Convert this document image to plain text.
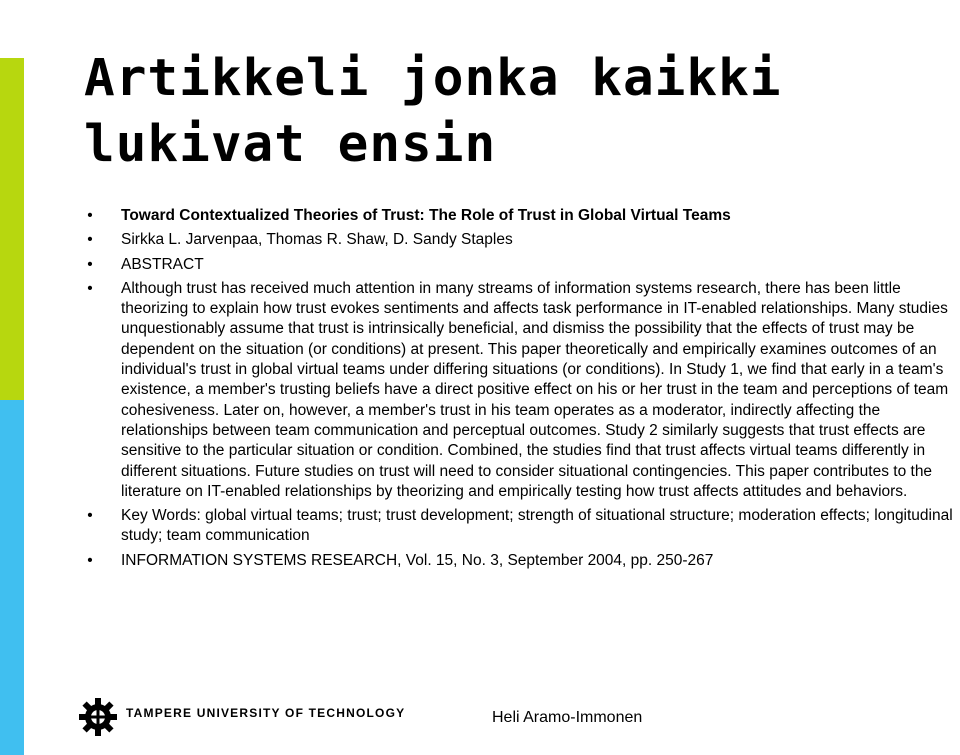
Artikkeli jonka kaikki lukivat ensin
• Toward Contextualized Theories of Trust: The Role of Trust in Global Virtual Teams
• Sirkka L. Jarvenpaa, Thomas R. Shaw, D. Sandy Staples
• ABSTRACT
• Although trust has received much attention in many streams of information systems research, there has been little theorizing to explain how trust evokes sentiments and affects task performance in IT-enabled relationships. Many studies unquestionably assume that trust is intrinsically beneficial, and dismiss the possibility that the effects of trust may be dependent on the situation (or conditions) at present. This paper theoretically and empirically examines outcomes of an individual's trust in global virtual teams under differing situations (or conditions). In Study 1, we find that early in a team's existence, a member's trusting beliefs have a direct positive effect on his or her trust in the team and perceptions of team cohesiveness. Later on, however, a member's trust in his team operates as a moderator, indirectly affecting the relationships between team communication and perceptual outcomes. Study 2 similarly suggests that trust effects are sensitive to the particular situation or condition. Combined, the studies find that trust affects virtual teams differently in different situations. Future studies on trust will need to consider situational contingencies. This paper contributes to the literature on IT-enabled relationships by theorizing and empirically testing how trust affects attitudes and behaviors.
• Key Words: global virtual teams; trust; trust development; strength of situational structure; moderation effects; longitudinal study; team communication
• INFORMATION SYSTEMS RESEARCH, Vol. 15, No. 3, September 2004, pp. 250-267
TAMPERE UNIVERSITY OF TECHNOLOGY	Heli Aramo-Immonen
